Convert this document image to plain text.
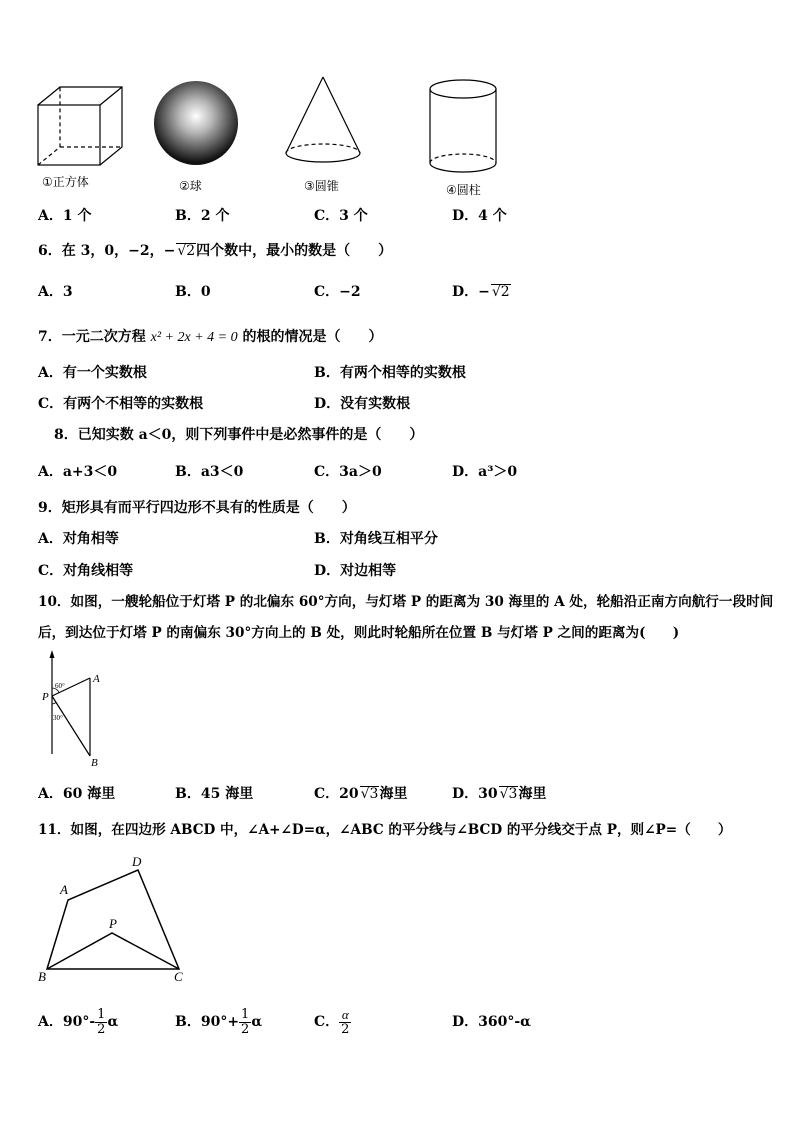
①正方体	②球	③圆锥	④圆柱
A．1 个	B．2 个	C．3 个	D．4 个
6．在 3，0，−2，− √2四个数中，最小的数是（　　）
A．3	B．0	C．−2	D．− √2
7．一元二次方程 x² + 2x + 4 = 0 的根的情况是（　　）
A．有一个实数根	B．有两个相等的实数根
C．有两个不相等的实数根	D．没有实数根
8．已知实数 a＜0，则下列事件中是必然事件的是（　　）
A．a+3＜0	B．a3＜0	C．3a＞0	D．a³＞0
9．矩形具有而平行四边形不具有的性质是（　　）
A．对角相等	B．对角线互相平分
C．对角线相等	D．对边相等
10．如图，一艘轮船位于灯塔 P 的北偏东 60°方向，与灯塔 P 的距离为 30 海里的 A 处，轮船沿正南方向航行一段时间
后，到达位于灯塔 P 的南偏东 30°方向上的 B 处，则此时轮船所在位置 B 与灯塔 P 之间的距离为(　　)
60°
30°
P
A
B
A．60 海里	B．45 海里	C．20 √3海里	D．30 √3海里
11．如图，在四边形 ABCD 中，∠A+∠D=α，∠ABC 的平分线与∠BCD 的平分线交于点 P，则∠P=（　　）
A
B	C
D
P
A．$90^\circ- \frac{1}{2}$ α	B．$90^\circ+ \frac{1}{2}$ α	C． $\frac{\alpha}{2}$	D．360°-α
